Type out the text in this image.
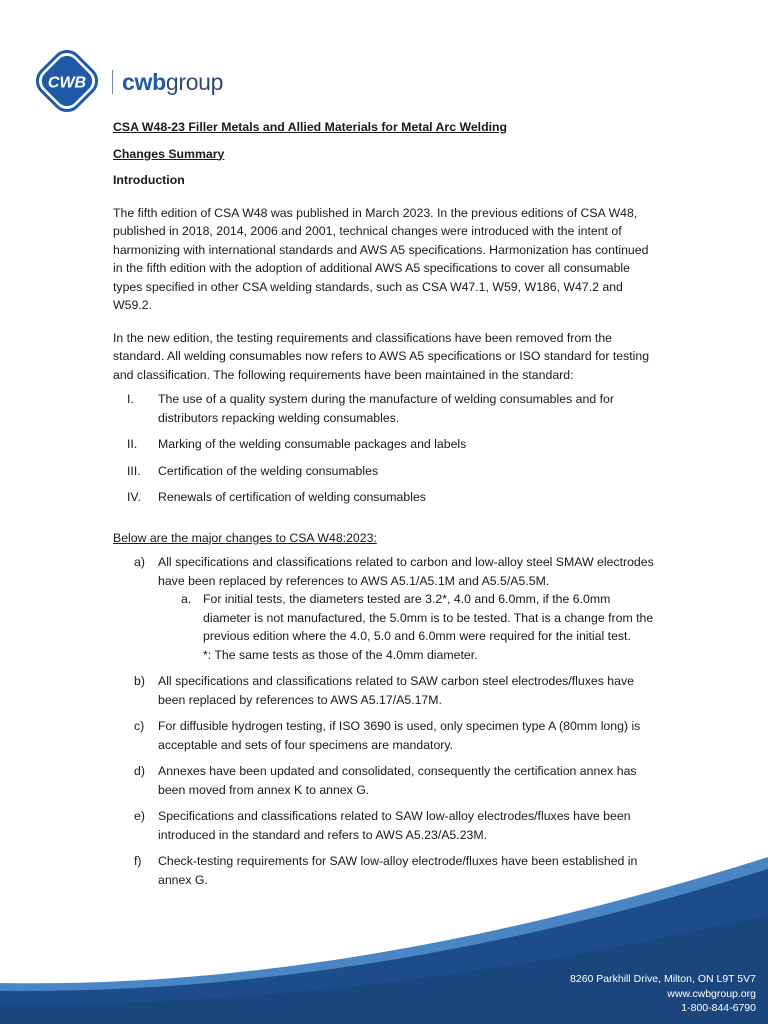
CWB cwb group
CSA W48-23 Filler Metals and Allied Materials for Metal Arc Welding
Changes Summary
Introduction

The fifth edition of CSA W48 was published in March 2023. In the previous editions of CSA W48, published in 2018, 2014, 2006 and 2001, technical changes were introduced with the intent of harmonizing with international standards and AWS A5 specifications. Harmonization has continued in the fifth edition with the adoption of additional AWS A5 specifications to cover all consumable types specified in other CSA welding standards, such as CSA W47.1, W59, W186, W47.2 and W59.2.

In the new edition, the testing requirements and classifications have been removed from the standard. All welding consumables now refers to AWS A5 specifications or ISO standard for testing and classification. The following requirements have been maintained in the standard:

I.	The use of a quality system during the manufacture of welding consumables and for distributors repacking welding consumables.
II.	Marking of the welding consumable packages and labels
III.	Certification of the welding consumables
IV.	Renewals of certification of welding consumables
Below are the major changes to CSA W48:2023:
a)	All specifications and classifications related to carbon and low-alloy steel SMAW electrodes have been replaced by references to AWS A5.1/A5.1M and A5.5/A5.5M.
a. For initial tests, the diameters tested are 3.2*, 4.0 and 6.0mm, if the 6.0mm diameter is not manufactured, the 5.0mm is to be tested. That is a change from the previous edition where the 4.0, 5.0 and 6.0mm were required for the initial test.
*: The same tests as those of the 4.0mm diameter.
b)	All specifications and classifications related to SAW carbon steel electrodes/fluxes have been replaced by references to AWS A5.17/A5.17M.
c)	For diffusible hydrogen testing, if ISO 3690 is used, only specimen type A (80mm long) is acceptable and sets of four specimens are mandatory.
d)	Annexes have been updated and consolidated, consequently the certification annex has been moved from annex K to annex G.
e)	Specifications and classifications related to SAW low-alloy electrodes/fluxes have been introduced in the standard and refers to AWS A5.23/A5.23M.
f)	Check-testing requirements for SAW low-alloy electrode/fluxes have been established in annex G.
8260 Parkhill Drive, Milton, ON L9T 5V7
www.cwbgroup.org
1-800-844-6790
